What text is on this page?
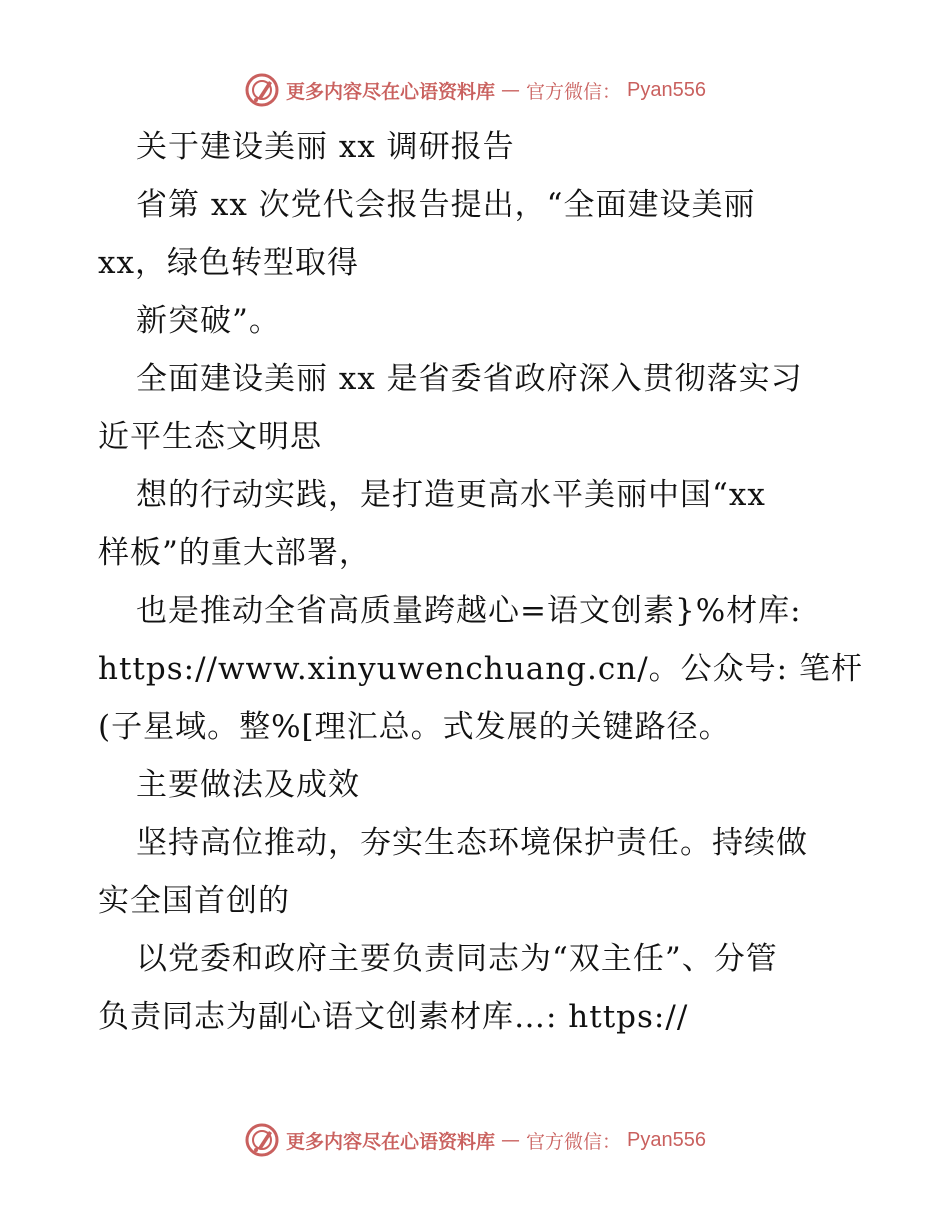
更多内容尽在心语资料库 — 官方微信： Pyan556
关于建设美丽 xx 调研报告
省第 xx 次党代会报告提出，“全面建设美丽
xx，绿色转型取得
新突破”。
全面建设美丽 xx 是省委省政府深入贯彻落实习
近平生态文明思
想的行动实践，是打造更高水平美丽中国“xx
样板”的重大部署，
也是推动全省高质量跨越心=语文创素}%材库:
https://www.xinyuwenchuang.cn/。公众号: 笔杆
(子星域。整%[理汇总。式发展的关键路径。
主要做法及成效
坚持高位推动，夯实生态环境保护责任。持续做
实全国首创的
以党委和政府主要负责同志为“双主任”、分管
负责同志为副心语文创素材库…: https://
更多内容尽在心语资料库 — 官方微信： Pyan556
